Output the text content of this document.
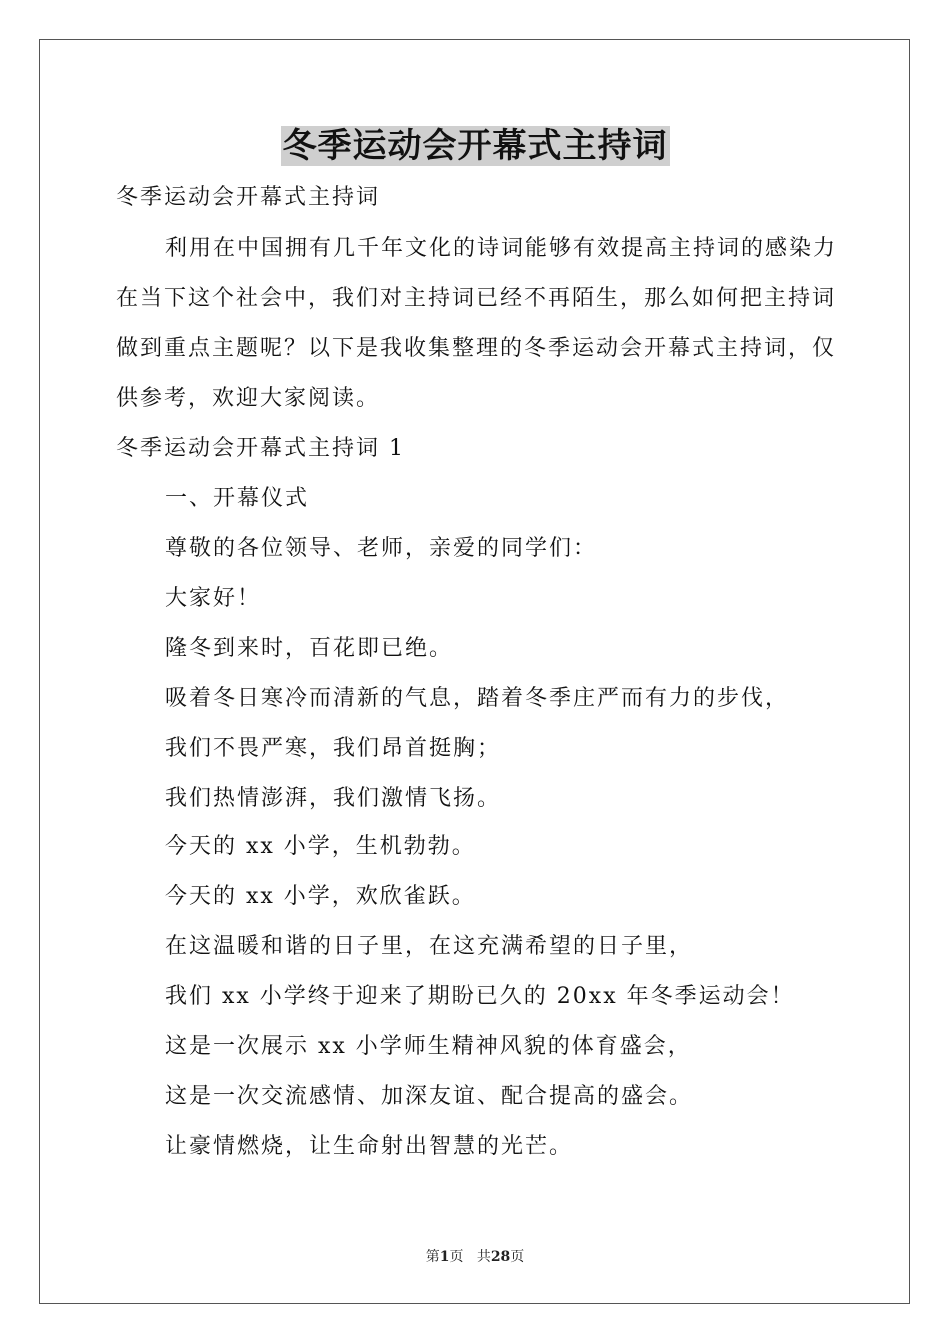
冬季运动会开幕式主持词
冬季运动会开幕式主持词
利用在中国拥有几千年文化的诗词能够有效提高主持词的感染力
在当下这个社会中，我们对主持词已经不再陌生，那么如何把主持词
做到重点主题呢？以下是我收集整理的冬季运动会开幕式主持词，仅
供参考，欢迎大家阅读。
冬季运动会开幕式主持词 1
一、开幕仪式
尊敬的各位领导、老师，亲爱的同学们：
大家好！
隆冬到来时，百花即已绝。
吸着冬日寒冷而清新的气息，踏着冬季庄严而有力的步伐，
我们不畏严寒，我们昂首挺胸；
我们热情澎湃，我们激情飞扬。
今天的 xx 小学，生机勃勃。
今天的 xx 小学，欢欣雀跃。
在这温暖和谐的日子里，在这充满希望的日子里，
我们 xx 小学终于迎来了期盼已久的 20xx 年冬季运动会！
这是一次展示 xx 小学师生精神风貌的体育盛会，
这是一次交流感情、加深友谊、配合提高的盛会。
让豪情燃烧，让生命射出智慧的光芒。
第1页 共28页
